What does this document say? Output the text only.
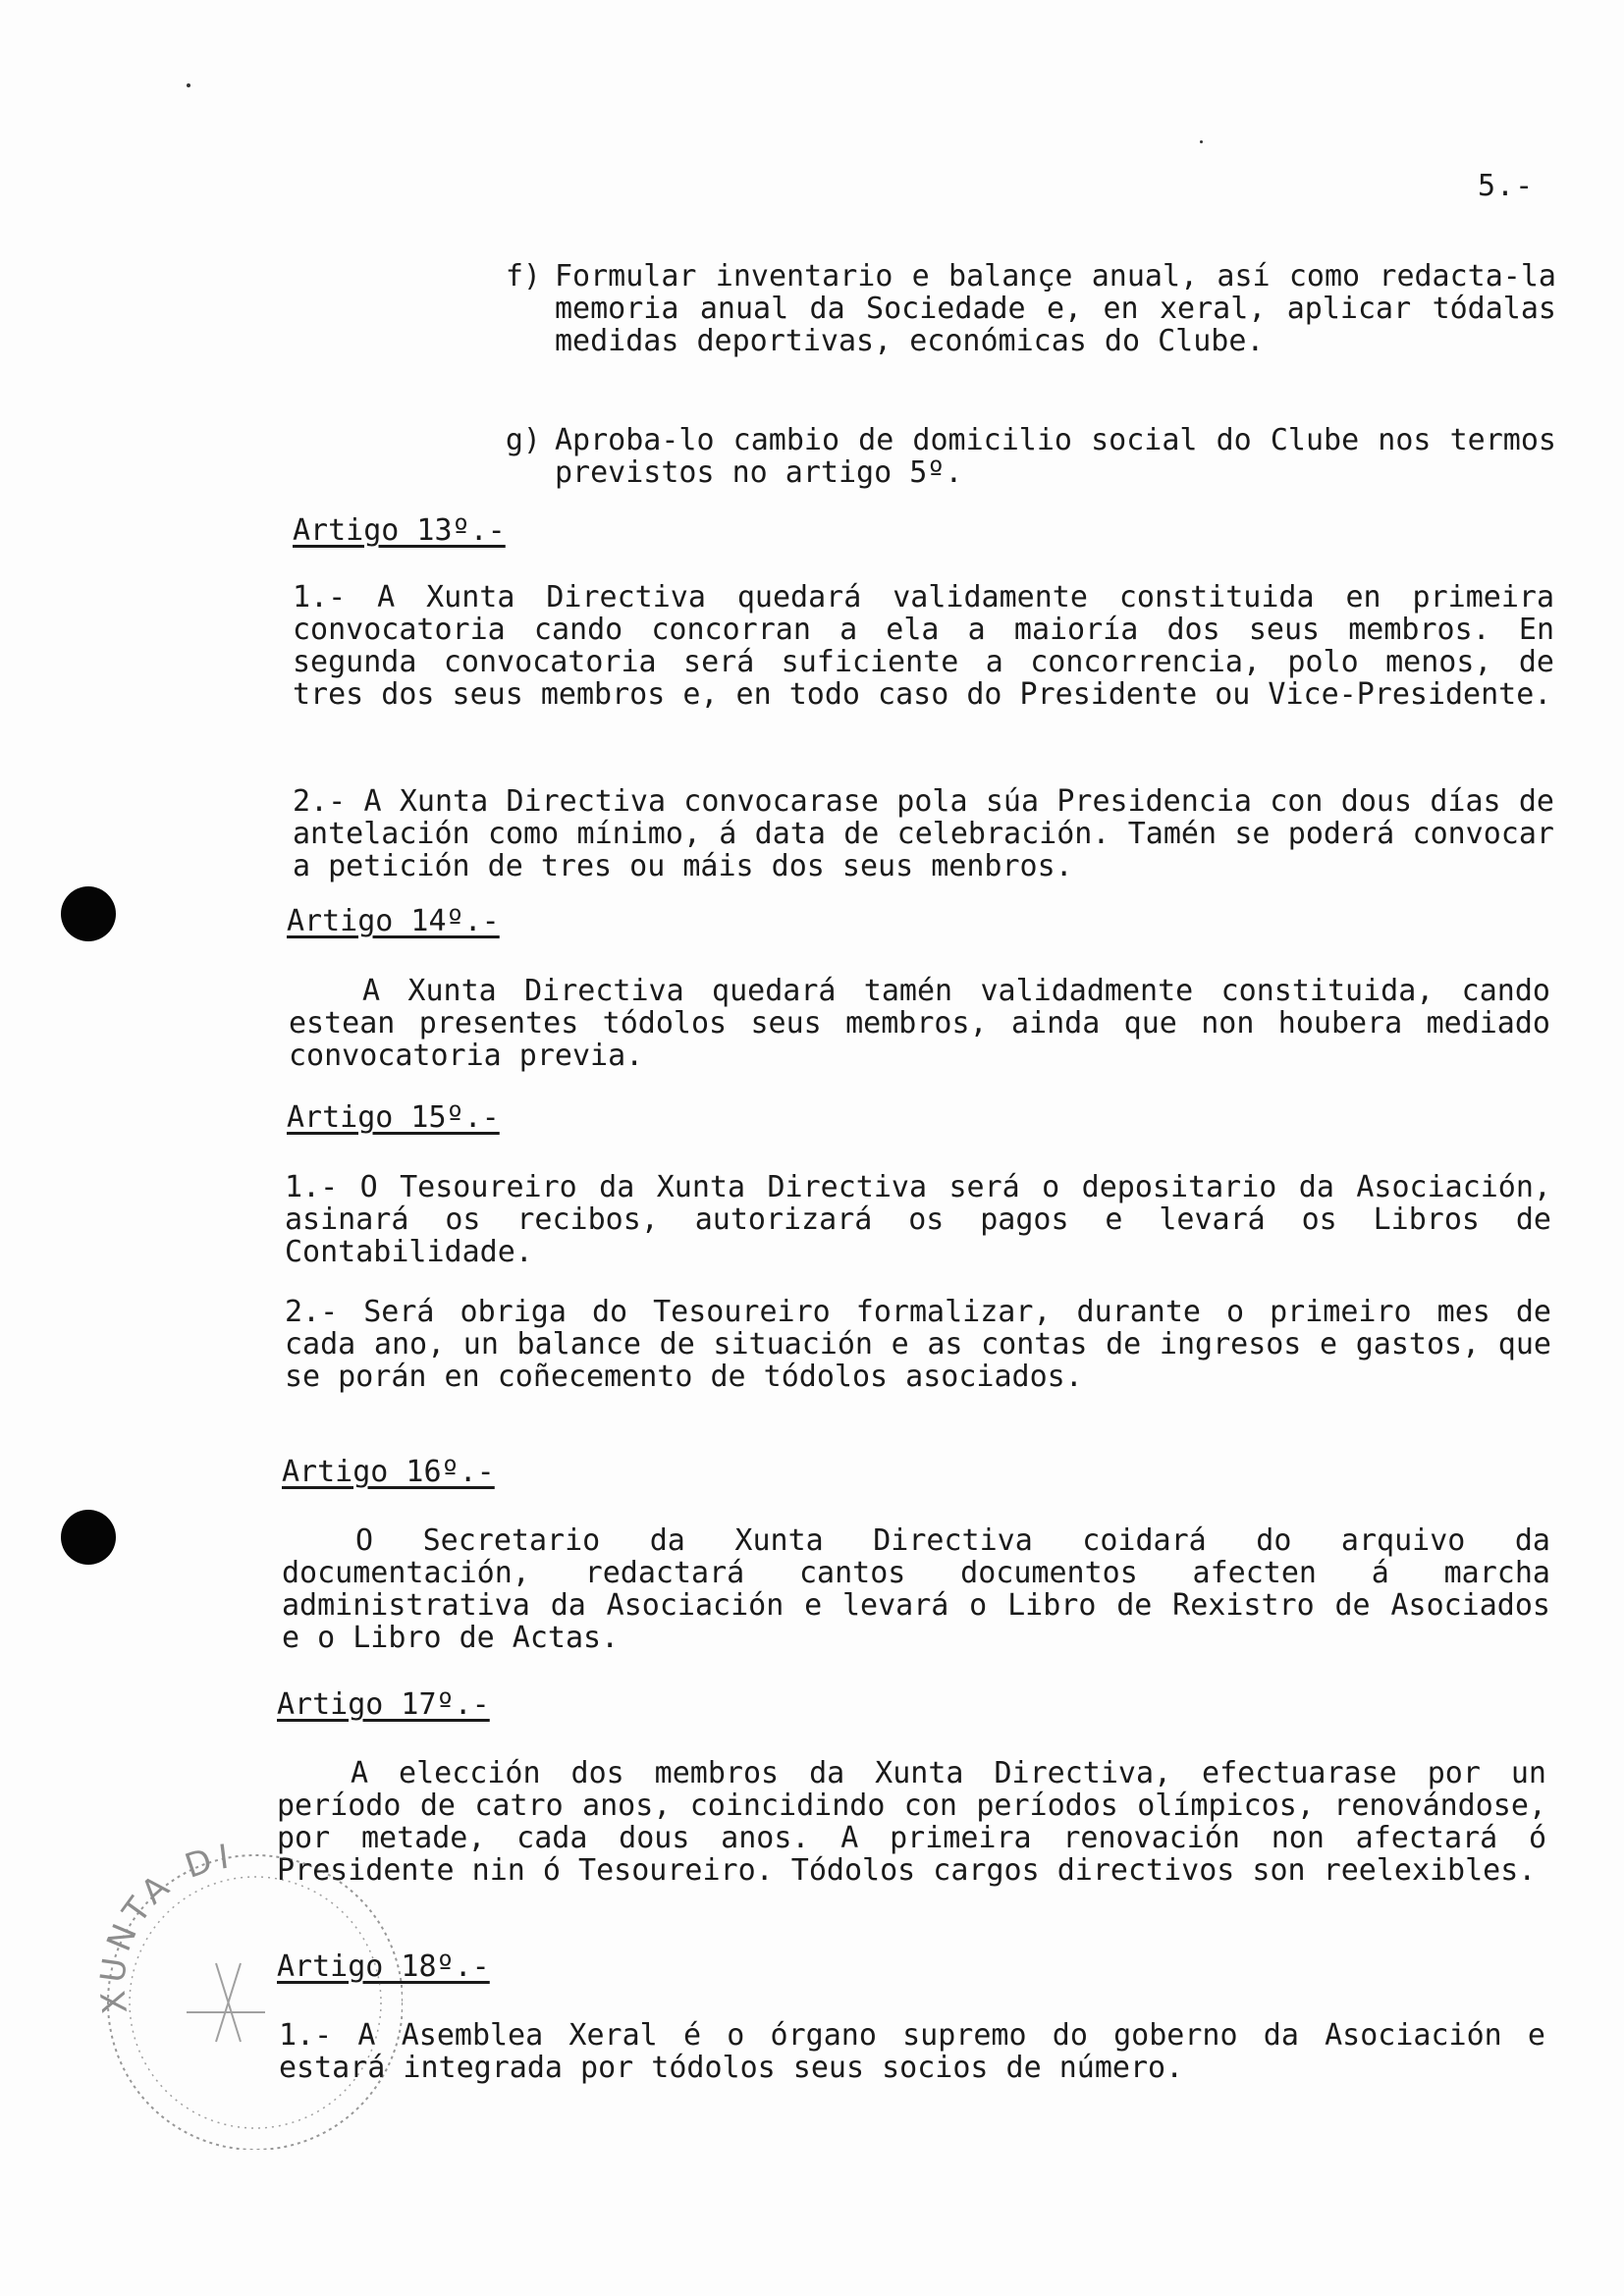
5.-
f) Formular inventario e balançe anual, así como redacta-la memoria anual da Sociedade e, en xeral, aplicar tódalas medidas deportivas, económicas do Clube.
g) Aproba-lo cambio de domicilio social do Clube nos termos previstos no artigo 5º.
Artigo 13º.-

1.- A Xunta Directiva quedará validamente constituida en primeira convocatoria cando concorran a ela a maioría dos seus membros. En segunda convocatoria será suficiente a concorrencia, polo menos, de tres dos seus membros e, en todo caso do Presidente ou Vice-Presidente.

2.- A Xunta Directiva convocarase pola súa Presidencia con dous días de antelación como mínimo, á data de celebración. Tamén se poderá convocar a petición de tres ou máis dos seus menbros.

Artigo 14º.-

A Xunta Directiva quedará tamén validadmente constituida, cando estean presentes tódolos seus membros, ainda que non houbera mediado convocatoria previa.

Artigo 15º.-

1.- O Tesoureiro da Xunta Directiva será o depositario da Asociación, asinará os recibos, autorizará os pagos e levará os Libros de Contabilidade.

2.- Será obriga do Tesoureiro formalizar, durante o primeiro mes de cada ano, un balance de situación e as contas de ingresos e gastos, que se porán en coñecemento de tódolos asociados.

Artigo 16º.-

O Secretario da Xunta Directiva coidará do arquivo da documentación, redactará cantos documentos afecten á marcha administrativa da Asociación e levará o Libro de Rexistro de Asociados e o Libro de Actas.

Artigo 17º.-

A elección dos membros da Xunta Directiva, efectuarase por un período de catro anos, coincidindo con períodos olímpicos, renovándose, por metade, cada dous anos. A primeira renovación non afectará ó Presidente nin ó Tesoureiro. Tódolos cargos directivos son reelexibles.

Artigo 18º.-

1.- A Asemblea Xeral é o órgano supremo do goberno da Asociación e estará integrada por tódolos seus socios de número.

XUNTA DI
